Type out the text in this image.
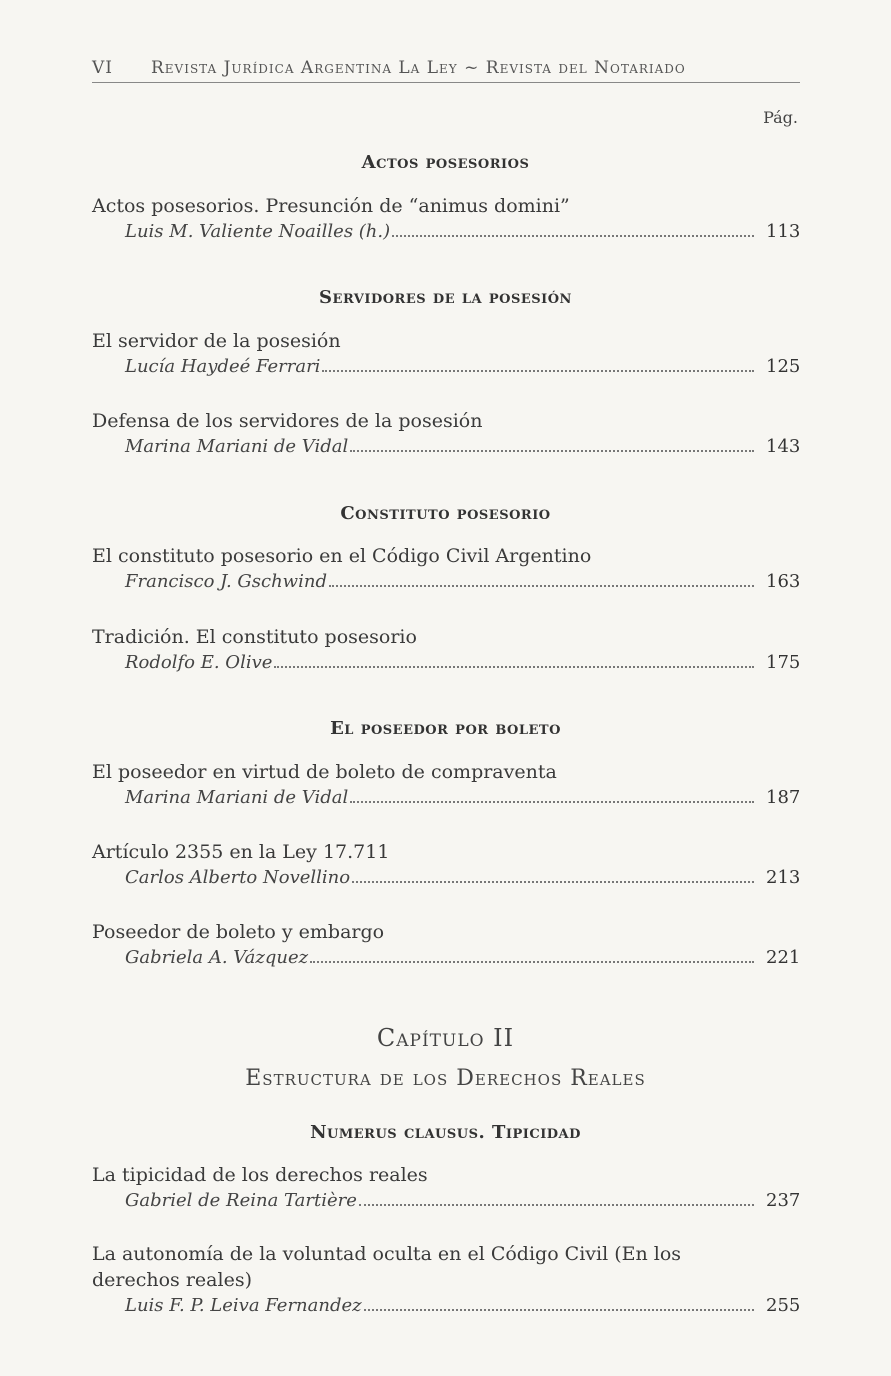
VI Revista Jurídica Argentina La Ley ~ Revista del Notariado
Pág.
Actos posesorios
Actos posesorios. Presunción de “animus domini”
Luis M. Valiente Noailles (h.)	113
Servidores de la posesión
El servidor de la posesión
Lucía Haydeé Ferrari	125
Defensa de los servidores de la posesión
Marina Mariani de Vidal	143
Constituto posesorio
El constituto posesorio en el Código Civil Argentino
Francisco J. Gschwind	163
Tradición. El constituto posesorio
Rodolfo E. Olive	175
El poseedor por boleto
El poseedor en virtud de boleto de compraventa
Marina Mariani de Vidal	187
Artículo 2355 en la Ley 17.711
Carlos Alberto Novellino	213
Poseedor de boleto y embargo
Gabriela A. Vázquez	221
Capítulo II
Estructura de los Derechos Reales
Numerus clausus. Tipicidad
La tipicidad de los derechos reales
Gabriel de Reina Tartière	237
La autonomía de la voluntad oculta en el Código Civil (En los derechos reales)
Luis F. P. Leiva Fernandez	255
